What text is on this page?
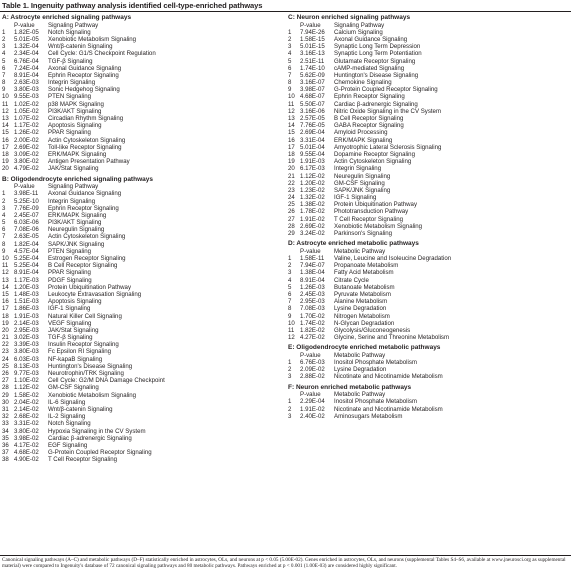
Table 1. Ingenuity pathway analysis identified cell-type-enriched pathways
A: Astrocyte enriched signaling pathways
P-value Signaling Pathway
1 1.82E-05 Notch Signaling
2 5.01E-05 Xenobiotic Metabolism Signaling
3 1.32E-04 Wnt/β-catenin Signaling
4 2.34E-04 Cell Cycle: G1/S Checkpoint Regulation
5 6.76E-04 TGF-β Signaling
6 7.24E-04 Axonal Guidance Signaling
7 8.91E-04 Ephrin Receptor Signaling
8 2.63E-03 Integrin Signaling
9 3.80E-03 Sonic Hedgehog Signaling
10 9.55E-03 PTEN Signaling
11 1.02E-02 p38 MAPK Signaling
12 1.05E-02 PI3K/AKT Signaling
13 1.07E-02 Circadian Rhythm Signaling
14 1.17E-02 Apoptosis Signaling
15 1.26E-02 PPAR Signaling
16 2.00E-02 Actin Cytoskeleton Signaling
17 2.69E-02 Toll-like Receptor Signaling
18 3.09E-02 ERK/MAPK Signaling
19 3.80E-02 Antigen Presentation Pathway
20 4.79E-02 JAK/Stat Signaling
B: Oligodendrocyte enriched signaling pathways
P-value Signaling Pathway
1 3.98E-11 Axonal Guidance Signaling
2 5.25E-10 Integrin Signaling
3 7.76E-09 Ephrin Receptor Signaling
4 2.45E-07 ERK/MAPK Signaling
5 6.03E-06 PI3K/AKT Signaling
6 7.08E-06 Neuregulin Signaling
7 2.63E-05 Actin Cytoskeleton Signaling
8 1.82E-04 SAPK/JNK Signaling
9 4.57E-04 PTEN Signaling
10 5.25E-04 Estrogen Receptor Signaling
11 5.25E-04 B Cell Receptor Signaling
12 8.91E-04 PPAR Signaling
13 1.17E-03 PDGF Signaling
14 1.20E-03 Protein Ubiquitination Pathway
15 1.48E-03 Leukocyte Extravasation Signaling
16 1.51E-03 Apoptosis Signaling
17 1.86E-03 IGF-1 Signaling
18 1.91E-03 Natural Killer Cell Signaling
19 2.14E-03 VEGF Signaling
20 2.95E-03 JAK/Stat Signaling
21 3.02E-03 TGF-β Signaling
22 3.39E-03 Insulin Receptor Signaling
23 3.80E-03 Fc Epsilon RI Signaling
24 6.03E-03 NF-kapaB Signaling
25 8.13E-03 Huntington's Disease Signaling
26 9.77E-03 Neurotrophin/TRK Signaling
27 1.10E-02 Cell Cycle: G2/M DNA Damage Checkpoint
28 1.12E-02 GM-CSF Signaling
29 1.58E-02 Xenobiotic Metabolism Signaling
30 2.04E-02 IL-6 Signaling
31 2.14E-02 Wnt/β-catenin Signaling
32 2.68E-02 IL-2 Signaling
33 3.31E-02 Notch Signaling
34 3.80E-02 Hypoxia Signaling in the CV System
35 3.98E-02 Cardiac β-adrenergic Signaling
36 4.17E-02 EGF Signaling
37 4.68E-02 G-Protein Coupled Receptor Signaling
38 4.90E-02 T Cell Receptor Signaling
C: Neuron enriched signaling pathways
P-value Signaling Pathway
1 7.94E-26 Calcium Signaling
2 1.58E-15 Axonal Guidance Signaling
3 5.01E-15 Synaptic Long Term Depression
4 3.16E-13 Synaptic Long Term Potentiation
5 2.51E-11 Glutamate Receptor Signaling
6 1.74E-10 cAMP-mediated Signaling
7 5.62E-09 Huntington's Disease Signaling
8 3.16E-07 Chemokine Signaling
9 3.98E-07 G-Protein Coupled Receptor Signaling
10 4.68E-07 Ephrin Receptor Signaling
11 5.50E-07 Cardiac β-adrenergic Signaling
12 3.16E-06 Nitric Oxide Signaling in the CV System
13 2.57E-05 B Cell Receptor Signaling
14 7.76E-05 GABA Receptor Signaling
15 2.69E-04 Amyloid Processing
16 3.31E-04 ERK/MAPK Signaling
17 5.01E-04 Amyotrophic Lateral Sclerosis Signaling
18 9.55E-04 Dopamine Receptor Signaling
19 1.91E-03 Actin Cytoskeleton Signaling
20 6.17E-03 Integrin Signaling
21 1.12E-02 Neuregulin Signaling
22 1.20E-02 GM-CSF Signaling
23 1.23E-02 SAPK/JNK Signaling
24 1.32E-02 IGF-1 Signaling
25 1.38E-02 Protein Ubiquitination Pathway
26 1.78E-02 Phototransduction Pathway
27 1.91E-02 T Cell Receptor Signaling
28 2.69E-02 Xenobiotic Metabolism Signaling
29 3.24E-02 Parkinson's Signaling
D: Astrocyte enriched metabolic pathways
P-value Metabolic Pathway
1 1.58E-11 Valine, Leucine and Isoleucine Degradation
2 7.94E-07 Propanoate Metabolism
3 1.38E-04 Fatty Acid Metabolism
4 8.91E-04 Citrate Cycle
5 1.26E-03 Butanoate Metabolism
6 2.45E-03 Pyruvate Metabolism
7 2.95E-03 Alanine Metabolism
8 7.08E-03 Lysine Degradation
9 1.70E-02 Nitrogen Metabolism
10 1.74E-02 N-Glycan Degradation
11 1.82E-02 Glycolysis/Gluconeogenesis
12 4.27E-02 Glycine, Serine and Threonine Metabolism
E: Oligodendrocyte enriched metabolic pathways
P-value Metabolic Pathway
1 6.76E-03 Inositol Phosphate Metabolism
2 2.09E-02 Lysine Degradation
3 2.88E-02 Nicotinate and Nicotinamide Metabolism
F: Neuron enriched metabolic pathways
P-value Metabolic Pathway
1 2.29E-04 Inositol Phosphate Metabolism
2 1.91E-02 Nicotinate and Nicotinamide Metabolism
3 2.40E-02 Aminosugars Metabolism
Canonical signaling pathways (A–C) and metabolic pathways (D–F) statistically enriched in astrocytes, OLs, and neurons at p < 0.05 (5.00E-02). Genes enriched in astrocytes, OLs, and neurons (supplemental Tables S4–S6, available at www.jneurosci.org as supplemental material) were compared to Ingenuity's database of 72 canonical signaling pathways and 80 metabolic pathways. Pathways enriched at p < 0.001 (1.00E-03) are considered highly significant.
